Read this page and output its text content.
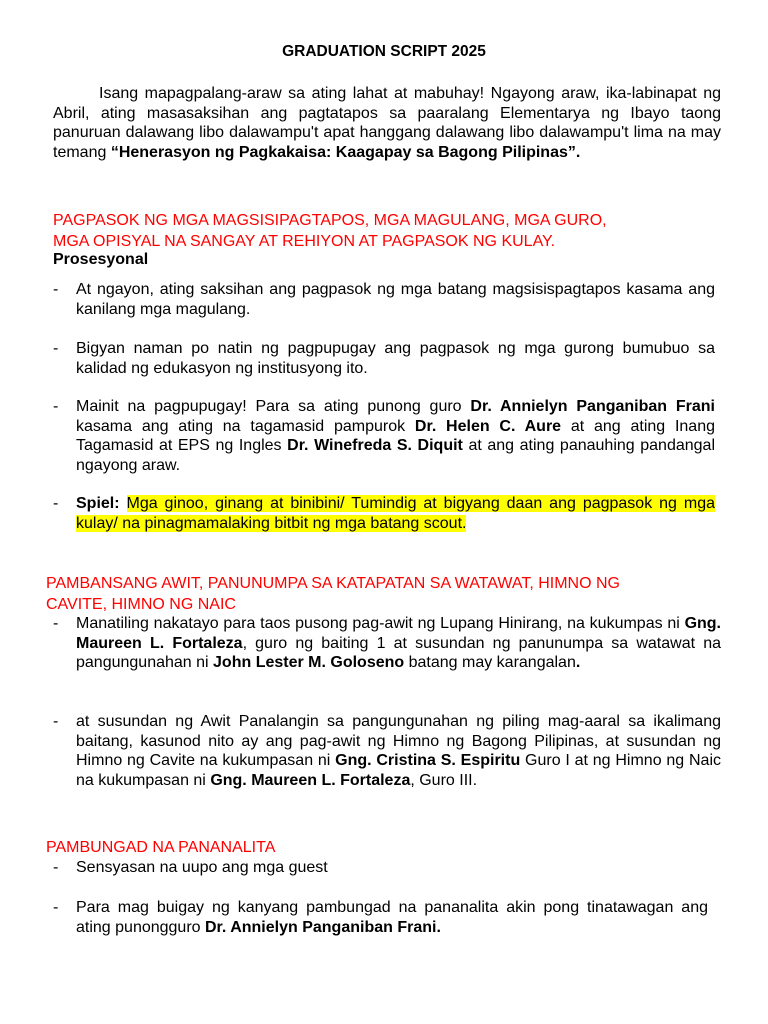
GRADUATION SCRIPT 2025
Isang mapagpalang-araw sa ating lahat at mabuhay! Ngayong araw, ika-labinapat ng Abril, ating masasaksihan ang pagtatapos sa paaralang Elementarya ng Ibayo taong panuruan dalawang libo dalawampu't apat hanggang dalawang libo dalawampu't lima na may temang “Henerasyon ng Pagkakaisa: Kaagapay sa Bagong Pilipinas”.
PAGPASOK NG MGA MAGSISIPAGTAPOS, MGA MAGULANG, MGA GURO,
MGA OPISYAL NA SANGAY AT REHIYON AT PAGPASOK NG KULAY.
Prosesyonal
- At ngayon, ating saksihan ang pagpasok ng mga batang magsisispagtapos kasama ang kanilang mga magulang.
- Bigyan naman po natin ng pagpupugay ang pagpasok ng mga gurong bumubuo sa kalidad ng edukasyon ng institusyong ito.
- Mainit na pagpupugay! Para sa ating punong guro Dr. Annielyn Panganiban Frani kasama ang ating na tagamasid pampurok Dr. Helen C. Aure at ang ating Inang Tagamasid at EPS ng Ingles Dr. Winefreda S. Diquit at ang ating panauhing pandangal ngayong araw.
- Spiel: Mga ginoo, ginang at binibini/ Tumindig at bigyang daan ang pagpasok ng mga kulay/ na pinagmamalaking bitbit ng mga batang scout.
PAMBANSANG AWIT, PANUNUMPA SA KATAPATAN SA WATAWAT, HIMNO NG
CAVITE, HIMNO NG NAIC
- Manatiling nakatayo para taos pusong pag-awit ng Lupang Hinirang, na kukumpas ni Gng. Maureen L. Fortaleza, guro ng baiting 1 at susundan ng panunumpa sa watawat na pangungunahan ni John Lester M. Goloseno batang may karangalan.
- at susundan ng Awit Panalangin sa pangungunahan ng piling mag-aaral sa ikalimang baitang, kasunod nito ay ang pag-awit ng Himno ng Bagong Pilipinas, at susundan ng Himno ng Cavite na kukumpasan ni Gng. Cristina S. Espiritu Guro I at ng Himno ng Naic na kukumpasan ni Gng. Maureen L. Fortaleza, Guro III.
PAMBUNGAD NA PANANALITA
- Sensyasan na uupo ang mga guest
- Para mag buigay ng kanyang pambungad na pananalita akin pong tinatawagan ang ating punongguro Dr. Annielyn Panganiban Frani.
